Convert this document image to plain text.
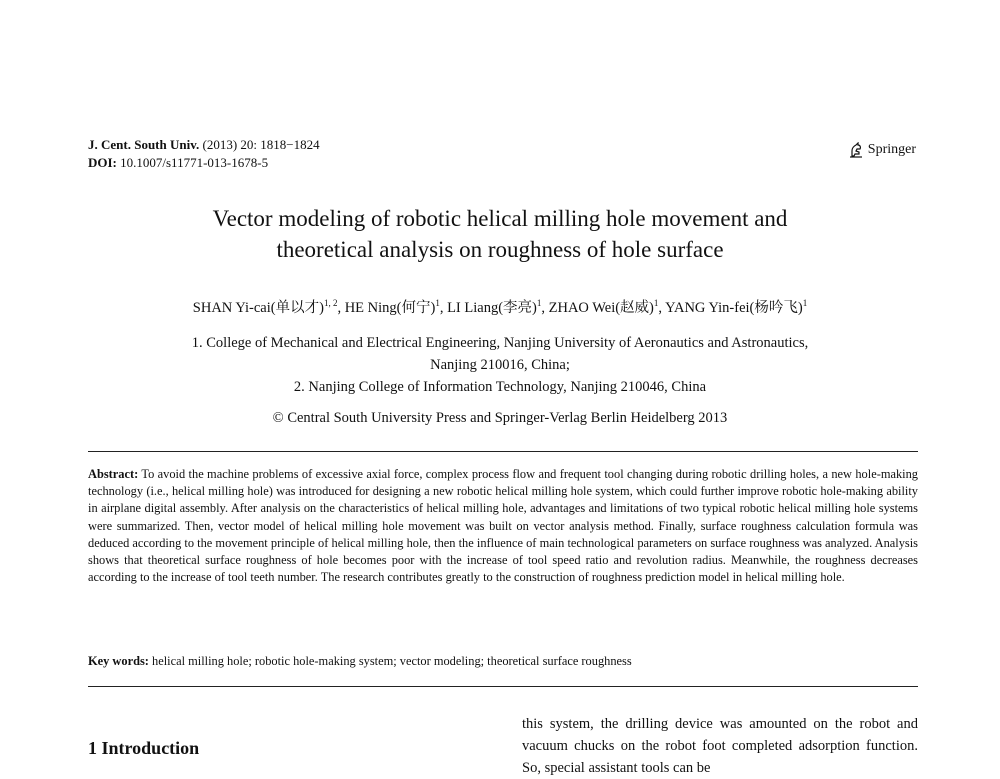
J. Cent. South Univ. (2013) 20: 1818−1824
DOI: 10.1007/s11771-013-1678-5
Springer
Vector modeling of robotic helical milling hole movement and
theoretical analysis on roughness of hole surface
SHAN Yi-cai(单以才)$^{1, 2}$, HE Ning(何宁)$^1$, LI Liang(李亮)$^1$, ZHAO Wei(赵威)$^1$, YANG Yin-fei(杨吟飞)$^1$
1. College of Mechanical and Electrical Engineering, Nanjing University of Aeronautics and Astronautics,
Nanjing 210016, China;
2. Nanjing College of Information Technology, Nanjing 210046, China
© Central South University Press and Springer-Verlag Berlin Heidelberg 2013
Abstract: To avoid the machine problems of excessive axial force, complex process flow and frequent tool changing during robotic drilling holes, a new hole-making technology (i.e., helical milling hole) was introduced for designing a new robotic helical milling hole system, which could further improve robotic hole-making ability in airplane digital assembly. After analysis on the characteristics of helical milling hole, advantages and limitations of two typical robotic helical milling hole systems were summarized. Then, vector model of helical milling hole movement was built on vector analysis method. Finally, surface roughness calculation formula was deduced according to the movement principle of helical milling hole, then the influence of main technological parameters on surface roughness was analyzed. Analysis shows that theoretical surface roughness of hole becomes poor with the increase of tool speed ratio and revolution radius. Meanwhile, the roughness decreases according to the increase of tool teeth number. The research contributes greatly to the construction of roughness prediction model in helical milling hole.
Key words: helical milling hole; robotic hole-making system; vector modeling; theoretical surface roughness
1 Introduction
this system, the drilling device was amounted on the robot and vacuum chucks on the robot foot completed adsorption function. So, special assistant tools can be
